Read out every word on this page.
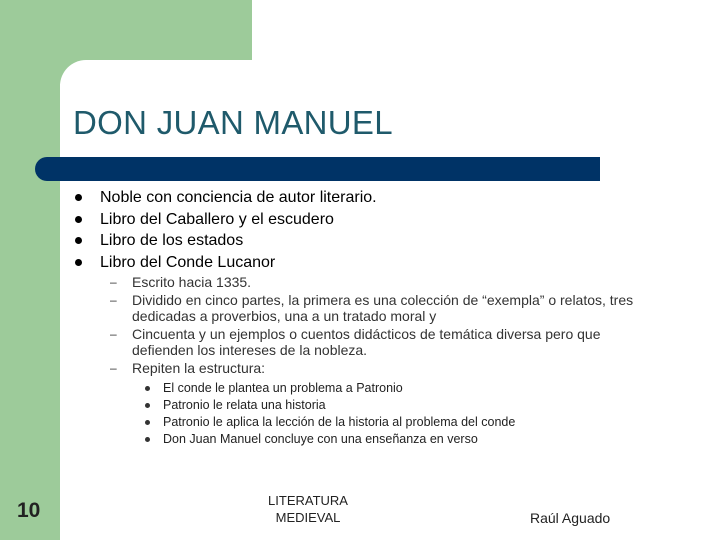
DON JUAN MANUEL
Noble con conciencia de autor literario.
Libro del Caballero y el escudero
Libro de los estados
Libro del Conde Lucanor
– Escrito hacia 1335.
– Dividido en cinco partes, la primera es una colección de “exempla” o relatos, tres dedicadas a proverbios, una a un tratado moral y
– Cincuenta y un ejemplos o cuentos didácticos de temática diversa pero que defienden los intereses de la nobleza.
– Repiten la estructura:
El conde le plantea un problema a Patronio
Patronio le relata una historia
Patronio le aplica la lección de la historia al problema del conde
Don Juan Manuel concluye con una enseñanza en verso
10	LITERATURA
MEDIEVAL	Raúl Aguado
